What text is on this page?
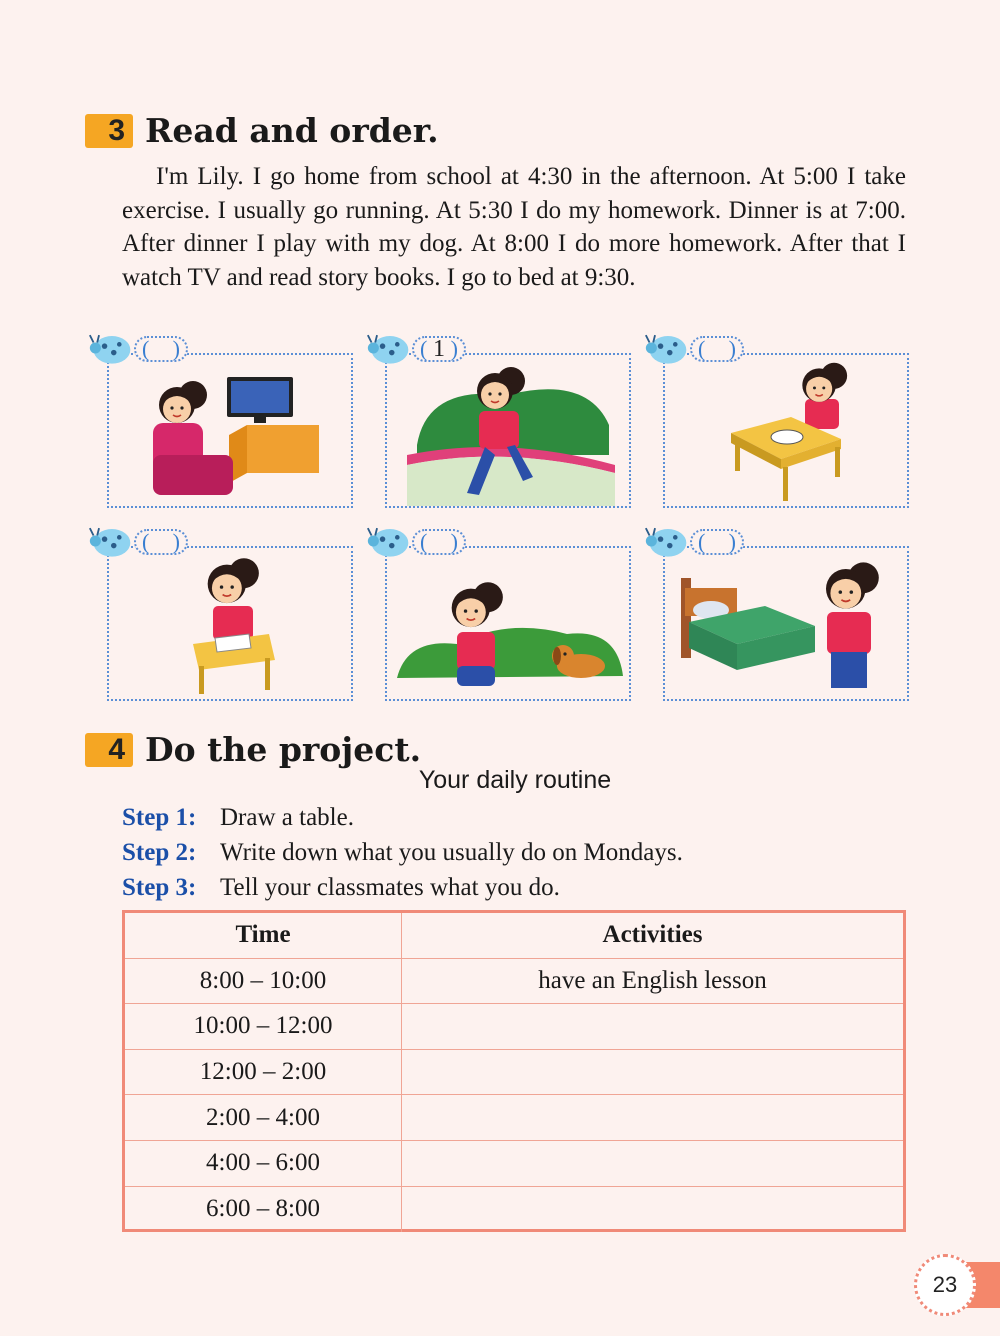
3 Read and order.

I'm Lily. I go home from school at 4:30 in the afternoon. At 5:00 I take exercise. I usually go running. At 5:30 I do my homework. Dinner is at 7:00. After dinner I play with my dog. At 8:00 I do more homework. After that I watch TV and read story books. I go to bed at 9:30.

( )	( 1 )	( )
( )	( )	( )
4 Do the project.
Your daily routine
Step 1: Draw a table.
Step 2: Write down what you usually do on Mondays.
Step 3: Tell your classmates what you do.
Time	Activities
8:00 – 10:00	have an English lesson
10:00 – 12:00
12:00 – 2:00
2:00 – 4:00
4:00 – 6:00
6:00 – 8:00
23
